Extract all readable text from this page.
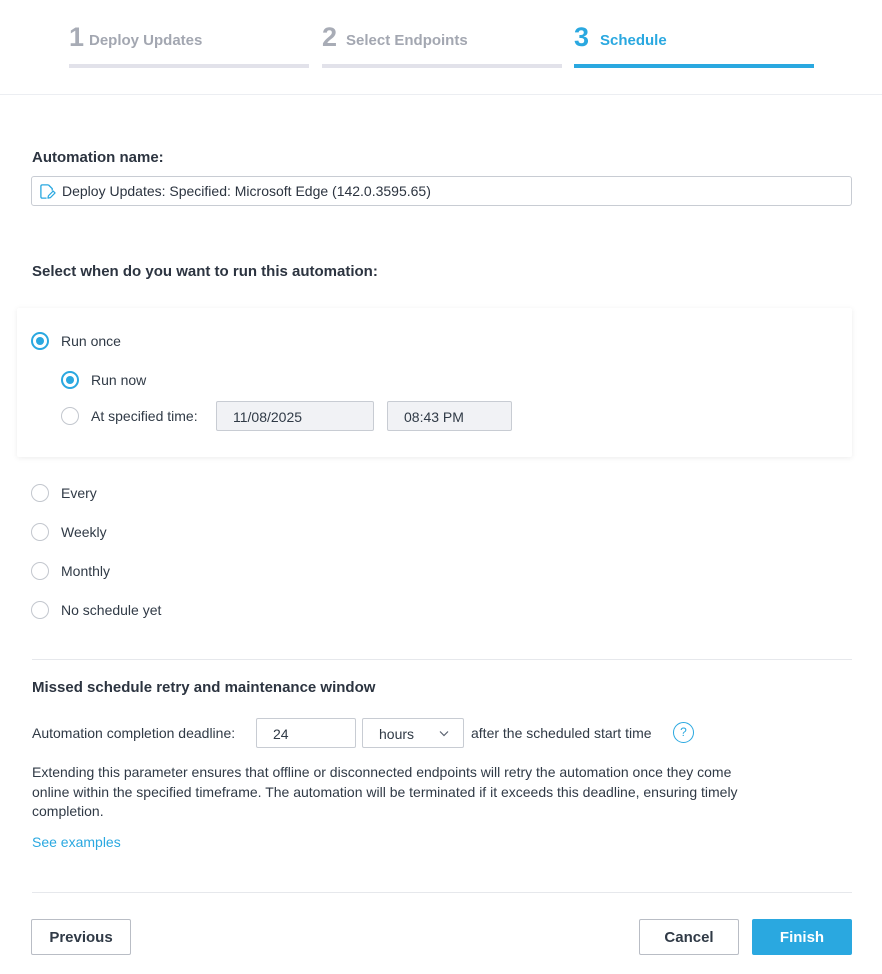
1 Deploy Updates	2 Select Endpoints	3 Schedule
Automation name:
Deploy Updates: Specified: Microsoft Edge (142.0.3595.65)
Select when do you want to run this automation:
Run once
Run now
At specified time:	11/08/2025	08:43 PM
Every
Weekly
Monthly
No schedule yet
Missed schedule retry and maintenance window
Automation completion deadline:	24	hours	after the scheduled start time	?
Extending this parameter ensures that offline or disconnected endpoints will retry the automation once they come online within the specified timeframe. The automation will be terminated if it exceeds this deadline, ensuring timely completion.
See examples
Previous	Cancel	Finish
